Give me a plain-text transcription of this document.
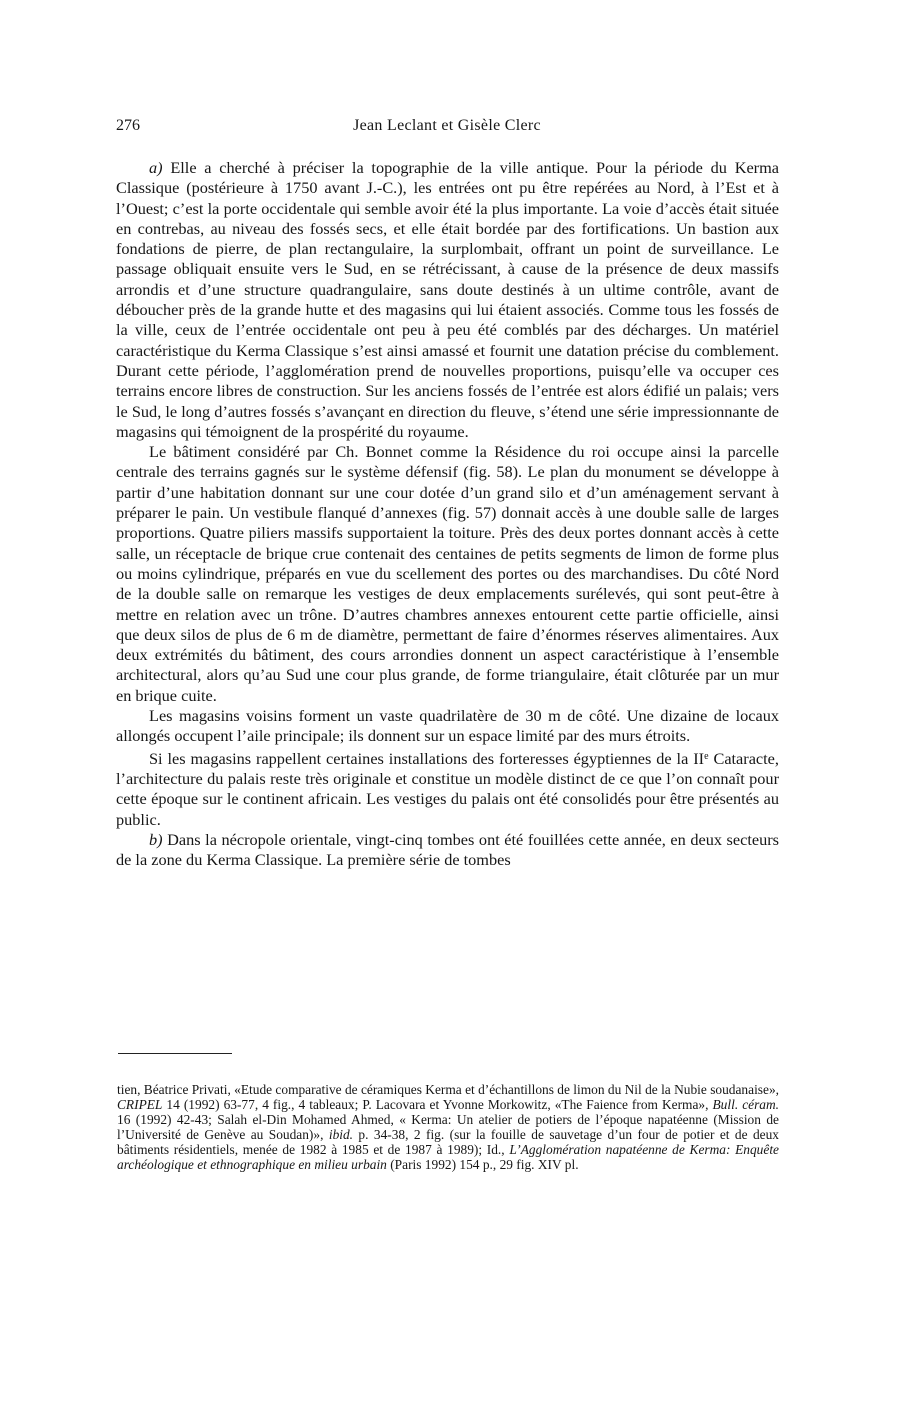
276	Jean Leclant et Gisèle Clerc

a) Elle a cherché à préciser la topographie de la ville antique. Pour la période du Kerma Classique (postérieure à 1750 avant J.-C.), les entrées ont pu être repérées au Nord, à l’Est et à l’Ouest; c’est la porte occidentale qui semble avoir été la plus importante. La voie d’accès était située en contrebas, au niveau des fossés secs, et elle était bordée par des fortifications. Un bastion aux fondations de pierre, de plan rectangulaire, la surplombait, offrant un point de surveillance. Le passage obliquait ensuite vers le Sud, en se rétrécissant, à cause de la présence de deux massifs arrondis et d’une structure quadrangulaire, sans doute destinés à un ultime contrôle, avant de déboucher près de la grande hutte et des magasins qui lui étaient associés. Comme tous les fossés de la ville, ceux de l’entrée occidentale ont peu à peu été comblés par des décharges. Un matériel caractéristique du Kerma Classique s’est ainsi amassé et fournit une datation précise du comblement. Durant cette période, l’agglomération prend de nouvelles proportions, puisqu’elle va occuper ces terrains encore libres de construction. Sur les anciens fossés de l’entrée est alors édifié un palais; vers le Sud, le long d’autres fossés s’avançant en direction du fleuve, s’étend une série impressionnante de magasins qui témoignent de la prospérité du royaume.

Le bâtiment considéré par Ch. Bonnet comme la Résidence du roi occupe ainsi la parcelle centrale des terrains gagnés sur le système défensif (fig. 58). Le plan du monument se développe à partir d’une habitation donnant sur une cour dotée d’un grand silo et d’un aménagement servant à préparer le pain. Un vestibule flanqué d’annexes (fig. 57) donnait accès à une double salle de larges proportions. Quatre piliers massifs supportaient la toiture. Près des deux portes donnant accès à cette salle, un réceptacle de brique crue contenait des centaines de petits segments de limon de forme plus ou moins cylindrique, préparés en vue du scellement des portes ou des marchandises. Du côté Nord de la double salle on remarque les vestiges de deux emplacements surélevés, qui sont peut-être à mettre en relation avec un trône. D’autres chambres annexes entourent cette partie officielle, ainsi que deux silos de plus de 6 m de diamètre, permettant de faire d’énormes réserves alimentaires. Aux deux extrémités du bâtiment, des cours arrondies donnent un aspect caractéristique à l’ensemble architectural, alors qu’au Sud une cour plus grande, de forme triangulaire, était clôturée par un mur en brique cuite.

Les magasins voisins forment un vaste quadrilatère de 30 m de côté. Une dizaine de locaux allongés occupent l’aile principale; ils donnent sur un espace limité par des murs étroits.

Si les magasins rappellent certaines installations des forteresses égyptiennes de la IIe Cataracte, l’architecture du palais reste très originale et constitue un modèle distinct de ce que l’on connaît pour cette époque sur le continent africain. Les vestiges du palais ont été consolidés pour être présentés au public.

b) Dans la nécropole orientale, vingt-cinq tombes ont été fouillées cette année, en deux secteurs de la zone du Kerma Classique. La première série de tombes

tien, Béatrice Privati, «Etude comparative de céramiques Kerma et d’échantillons de limon du Nil de la Nubie soudanaise», CRIPEL 14 (1992) 63-77, 4 fig., 4 tableaux; P. Lacovara et Yvonne Morkowitz, «The Faience from Kerma», Bull. céram. 16 (1992) 42-43; Salah el-Din Mohamed Ahmed, « Kerma: Un atelier de potiers de l’époque napatéenne (Mission de l’Université de Genève au Soudan)», ibid. p. 34-38, 2 fig. (sur la fouille de sauvetage d’un four de potier et de deux bâtiments résidentiels, menée de 1982 à 1985 et de 1987 à 1989); Id., L’Agglomération napatéenne de Kerma: Enquête archéologique et ethnographique en milieu urbain (Paris 1992) 154 p., 29 fig. XIV pl.
